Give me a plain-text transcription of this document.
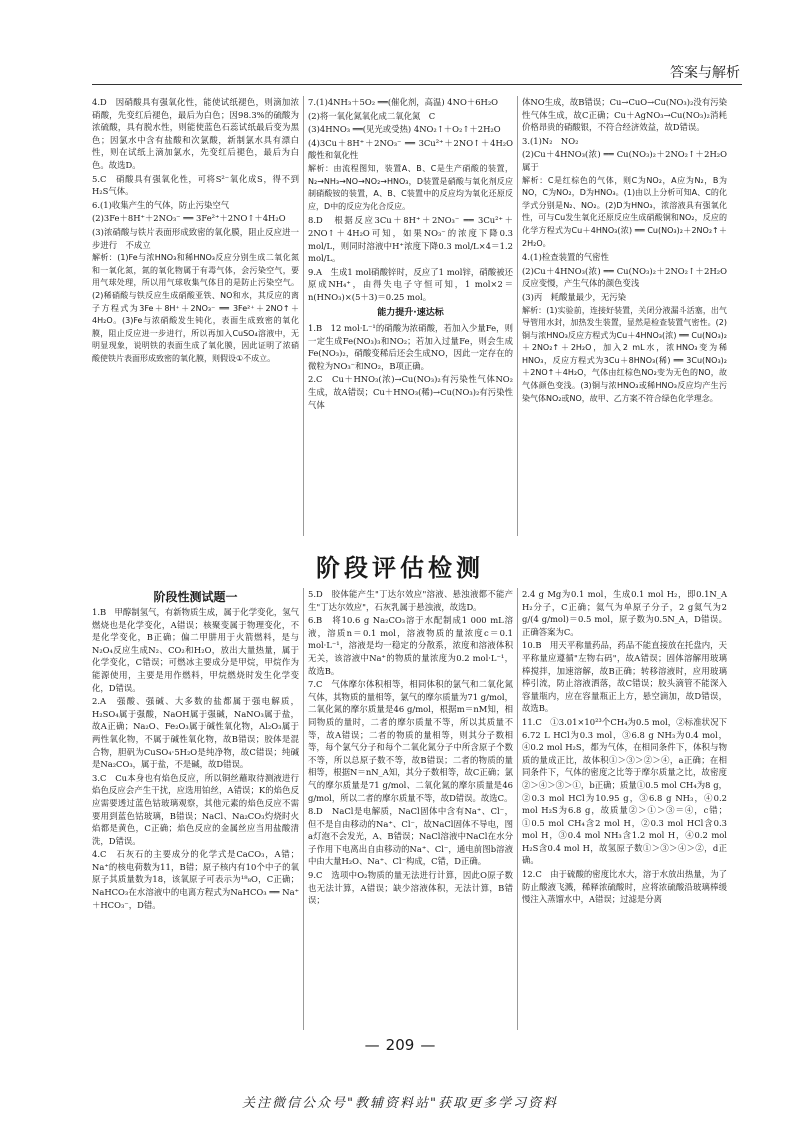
答案与解析

4.D　因硝酸具有强氧化性，能使试纸褪色，则滴加浓硝酸，先变红后褪色，最后为白色；因98.3%的硫酸为浓硫酸，具有脱水性，则能使蓝色石蕊试纸最后变为黑色；因氯水中含有盐酸和次氯酸，新制氯水具有漂白性，则在试纸上滴加氯水，先变红后褪色，最后为白色。故选D。

5.C　硝酸具有强氧化性，可将S²⁻氧化成S，得不到H₂S气体。

6.(1)收集产生的气体，防止污染空气

(2)3Fe＋8H⁺＋2NO₃⁻ ══ 3Fe²⁺＋2NO↑＋4H₂O

(3)浓硝酸与铁片表面形成致密的氧化膜，阻止反应进一步进行　不成立

解析：(1)Fe与浓HNO₃和稀HNO₃反应分别生成二氧化氮和一氧化氮，氮的氧化物属于有毒气体，会污染空气，要用气球处理，所以用气球收集气体目的是防止污染空气。(2)稀硝酸与铁反应生成硝酸亚铁、NO和水，其反应的离子方程式为3Fe＋8H⁺＋2NO₃⁻ ══ 3Fe²⁺＋2NO↑＋4H₂O。(3)Fe与浓硝酸发生钝化，表面生成致密的氧化膜，阻止反应进一步进行，所以再加入CuSO₄溶液中，无明显现象，说明铁的表面生成了氧化膜，因此证明了浓硝酸使铁片表面形成致密的氧化膜，则假设①不成立。

7.(1)4NH₃＋5O₂ ══(催化剂，高温) 4NO＋6H₂O

(2)将一氧化氮氧化成二氧化氮　C

(3)4HNO₃ ══(见光或受热) 4NO₂↑＋O₂↑＋2H₂O

(4)3Cu＋8H⁺＋2NO₃⁻ ══ 3Cu²⁺＋2NO↑＋4H₂O　酸性和氧化性

解析：由流程图知，装置A、B、C是生产硝酸的装置，N₂→NH₃→NO→NO₂→HNO₃，D装置是硝酸与氧化剂反应制硝酸铵的装置，A、B、C装置中的反应均为氧化还原反应，D中的反应为化合反应。

8.D　根据反应3Cu＋8H⁺＋2NO₃⁻ ══ 3Cu²⁺＋2NO↑＋4H₂O可知，如果NO₃⁻的浓度下降0.3 mol/L，则同时溶液中H⁺浓度下降0.3 mol/L×4＝1.2 mol/L。

9.A　生成1 mol硝酸锌时，反应了1 mol锌，硝酸被还原成NH₄⁺，由得失电子守恒可知，1 mol×2＝n(HNO₃)×(5＋3)＝0.25 mol。

能力提升·速达标

1.B　12 mol·L⁻¹的硝酸为浓硝酸，若加入少量Fe，则一定生成Fe(NO₃)₃和NO₂；若加入过量Fe，则会生成Fe(NO₃)₂，硝酸变稀后还会生成NO，因此一定存在的微粒为NO₃⁻和NO₂，B项正确。

2.C　Cu＋HNO₃(浓)→Cu(NO₃)₂有污染性气体NO₂生成，故A错误；Cu＋HNO₃(稀)→Cu(NO₃)₂有污染性气体

体NO生成，故B错误；Cu→CuO→Cu(NO₃)₂没有污染性气体生成，故C正确；Cu＋AgNO₃→Cu(NO₃)₂消耗价格昂贵的硝酸银，不符合经济效益，故D错误。

3.(1)N₂　NO₂

(2)Cu＋4HNO₃(浓) ══ Cu(NO₃)₂＋2NO₂↑＋2H₂O　属于

解析：C是红棕色的气体，则C为NO₂，A应为N₂，B为NO，C为NO₂，D为HNO₃。(1)由以上分析可知A、C的化学式分别是N₂、NO₂。(2)D为HNO₃，浓溶液具有强氧化性，可与Cu发生氧化还原反应生成硝酸铜和NO₂，反应的化学方程式为Cu＋4HNO₃(浓) ══ Cu(NO₃)₂＋2NO₂↑＋2H₂O。

4.(1)检查装置的气密性

(2)Cu＋4HNO₃(浓) ══ Cu(NO₃)₂＋2NO₂↑＋2H₂O　反应变慢，产生气体的颜色变浅

(3)丙　耗酸量最少，无污染

解析：(1)实验前，连接好装置，关闭分液漏斗活塞，出气导管用水封，加热发生装置，显然是检查装置气密性。(2)铜与浓HNO₃反应方程式为Cu＋4HNO₃(浓) ══ Cu(NO₃)₂＋2NO₂↑＋2H₂O，加入2 mL水，浓HNO₃变为稀HNO₃，反应方程式为3Cu＋8HNO₃(稀) ══ 3Cu(NO₃)₂＋2NO↑＋4H₂O，气体由红棕色NO₂变为无色的NO，故气体颜色变浅。(3)铜与浓HNO₃或稀HNO₃反应均产生污染气体NO₂或NO，故甲、乙方案不符合绿色化学理念。

阶段评估检测
阶段性测试题一

1.B　甲醇制氢气，有新物质生成，属于化学变化，氢气燃烧也是化学变化，A错误；核聚变属于物理变化，不是化学变化，B正确；偏二甲肼用于火箭燃料，是与N₂O₄反应生成N₂、CO₂和H₂O，放出大量热量，属于化学变化，C错误；可燃冰主要成分是甲烷，甲烷作为能源使用，主要是用作燃料，甲烷燃烧时发生化学变化，D错误。

2.A　强酸、强碱、大多数的盐都属于强电解质，H₂SO₄属于强酸，NaOH属于强碱，NaNO₃属于盐，故A正确；Na₂O、Fe₂O₃属于碱性氧化物，Al₂O₃属于两性氧化物，不属于碱性氧化物，故B错误；胶体是混合物，胆矾为CuSO₄·5H₂O是纯净物，故C错误；纯碱是Na₂CO₃，属于盐，不是碱，故D错误。

3.C　Cu本身也有焰色反应，所以铜丝蘸取待测液进行焰色反应会产生干扰，应选用铂丝，A错误；K的焰色反应需要透过蓝色钴玻璃观察，其他元素的焰色反应不需要用到蓝色钴玻璃，B错误；NaCl、Na₂CO₃灼烧时火焰都是黄色，C正确；焰色反应的金属丝应当用盐酸清洗，D错误。

4.C　石灰石的主要成分的化学式是CaCO₃，A错；Na⁺的核电荷数为11，B错；原子核内有10个中子的氧原子其质量数为18，该氧原子可表示为¹⁸₈O，C正确；NaHCO₃在水溶液中的电离方程式为NaHCO₃ ══ Na⁺＋HCO₃⁻，D错。

5.D　胶体能产生"丁达尔效应"溶液、悬浊液都不能产生"丁达尔效应"，石灰乳属于悬浊液，故选D。

6.B　将10.6 g Na₂CO₃溶于水配制成1 000 mL溶液，溶质n＝0.1 mol，溶液物质的量浓度c＝0.1 mol·L⁻¹，溶液是均一稳定的分散系，浓度和溶液体积无关，该溶液中Na⁺的物质的量浓度为0.2 mol·L⁻¹，故选B。

7.C　气体摩尔体积相等，相同体积的氯气和二氧化氮气体，其物质的量相等，氯气的摩尔质量为71 g/mol，二氧化氮的摩尔质量是46 g/mol，根据m＝nM知，相同物质的量时，二者的摩尔质量不等，所以其质量不等，故A错误；二者的物质的量相等，则其分子数相等，每个氯气分子和每个二氧化氮分子中所含原子个数不等，所以总原子数不等，故B错误；二者的物质的量相等，根据N＝nN_A知，其分子数相等，故C正确；氯气的摩尔质量是71 g/mol、二氧化氮的摩尔质量是46 g/mol，所以二者的摩尔质量不等，故D错误。故选C。

8.D　NaCl是电解质，NaCl固体中含有Na⁺、Cl⁻，但不是自由移动的Na⁺、Cl⁻，故NaCl固体不导电，图a灯泡不会发光，A、B错误；NaCl溶液中NaCl在水分子作用下电离出自由移动的Na⁺、Cl⁻，通电前图b溶液中由大量H₂O、Na⁺、Cl⁻构成，C错，D正确。

9.C　选项中O₂物质的量无法进行计算，因此O原子数也无法计算，A错误；缺少溶液体积，无法计算，B错误；

2.4 g Mg为0.1 mol，生成0.1 mol H₂，即0.1N_A H₂分子，C正确；氦气为单原子分子，2 g氦气为2 g/(4 g/mol)＝0.5 mol，原子数为0.5N_A，D错误。正确答案为C。

10.B　用天平称量药品，药品不能直接放在托盘内，天平称量应遵循"左物右码"，故A错误；固体溶解用玻璃棒搅拌，加速溶解，故B正确；转移溶液时，应用玻璃棒引流，防止溶液洒落，故C错误；胶头滴管不能深入容量瓶内，应在容量瓶正上方，悬空滴加，故D错误，故选B。

11.C　①3.01×10²³个CH₄为0.5 mol，②标准状况下6.72 L HCl为0.3 mol，③6.8 g NH₃为0.4 mol，④0.2 mol H₂S，都为气体，在相同条件下，体积与物质的量成正比，故体积①＞③＞②＞④，a正确；在相同条件下，气体的密度之比等于摩尔质量之比，故密度②＞④＞③＞①，b正确；质量①0.5 mol CH₄为8 g，②0.3 mol HCl为10.95 g，③6.8 g NH₃，④0.2 mol H₂S为6.8 g，故质量②＞①＞③＝④，c错；①0.5 mol CH₄含2 mol H，②0.3 mol HCl含0.3 mol H，③0.4 mol NH₃含1.2 mol H，④0.2 mol H₂S含0.4 mol H，故氢原子数①＞③＞④＞②，d正确。

12.C　由于硫酸的密度比水大，溶于水放出热量，为了防止酸液飞溅，稀释浓硫酸时，应将浓硫酸沿玻璃棒缓慢注入蒸馏水中，A错误；过滤是分离

— 209 —
关注微信公众号"教辅资料站"获取更多学习资料
